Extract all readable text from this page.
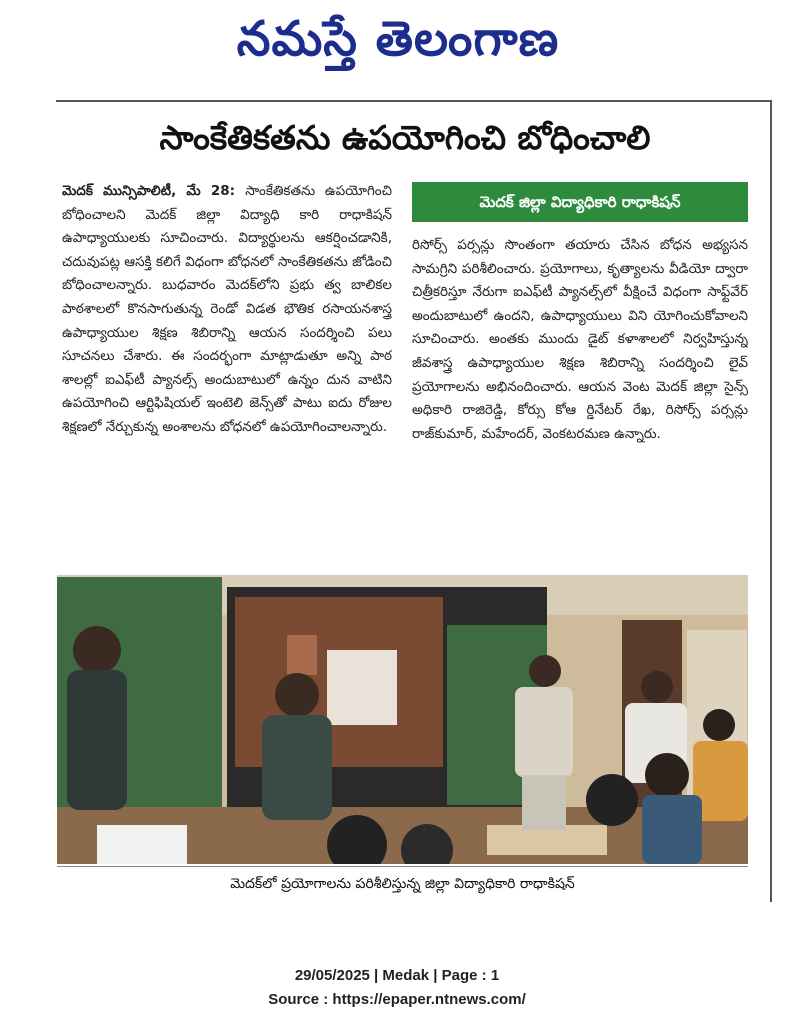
నమస్తే తెలంగాణ
సాంకేతికతను ఉపయోగించి బోధించాలి
మెదక్ మున్సిపాలిటీ, మే 28: సాంకేతికతను ఉపయోగించి బోధించాలని మెదక్ జిల్లా విద్యాధి కారి రాధాకిషన్ ఉపాధ్యాయులకు సూచించారు. విద్యార్థులను ఆకర్షించడానికి, చదువుపట్ల ఆసక్తి కలిగే విధంగా బోధనలో సాంకేతికతను జోడించి బోధించాలన్నారు. బుధవారం మెదక్‌లోని ప్రభు త్వ బాలికల పాఠశాలలో కొనసాగుతున్న రెండో విడత భౌతిక రసాయనశాస్త్ర ఉపాధ్యాయుల శిక్షణ శిబిరాన్ని ఆయన సందర్శించి పలు సూచనలు చేశారు. ఈ సందర్భంగా మాట్లాడుతూ అన్ని పాఠ శాలల్లో ఐఎఫ్‌టీ ప్యానల్స్ అందుబాటులో ఉన్నం దున వాటిని ఉపయోగించి ఆర్టిఫిషియల్ ఇంటెలి జెన్స్‌తో పాటు ఐదు రోజుల శిక్షణలో నేర్చుకున్న అంశాలను బోధనలో ఉపయోగించాలన్నారు.
మెదక్ జిల్లా విద్యాధికారి రాధాకిషన్
రిసోర్స్ పర్సన్లు సొంతంగా తయారు చేసిన బోధన అభ్యసన సామగ్రిని పరిశీలించారు. ప్రయోగాలు, కృత్యాలను వీడియో ద్వారా చిత్రీకరిస్తూ నేరుగా ఐఎఫ్‌టీ ప్యానల్స్‌లో వీక్షించే విధంగా సాఫ్ట్‌వేర్ అందుబాటులో ఉందని, ఉపాధ్యాయులు విని యోగించుకోవాలని సూచించారు. అంతకు ముందు డైట్ కళాశాలలో నిర్వహిస్తున్న జీవశాస్త్ర ఉపాధ్యాయుల శిక్షణ శిబిరాన్ని సందర్శించి లైవ్ ప్రయోగాలను అభినందించారు. ఆయన వెంట మెదక్ జిల్లా సైన్స్ అధికారి రాజిరెడ్డి, కోర్సు కోఆ ర్డినేటర్ రేఖ, రిసోర్స్ పర్సన్లు రాజ్‌కుమార్, మహేందర్, వెంకటరమణ ఉన్నారు.
మెదక్‌లో ప్రయోగాలను పరిశీలిస్తున్న జిల్లా విద్యాధికారి రాధాకిషన్
29/05/2025 | Medak | Page : 1
Source : https://epaper.ntnews.com/
